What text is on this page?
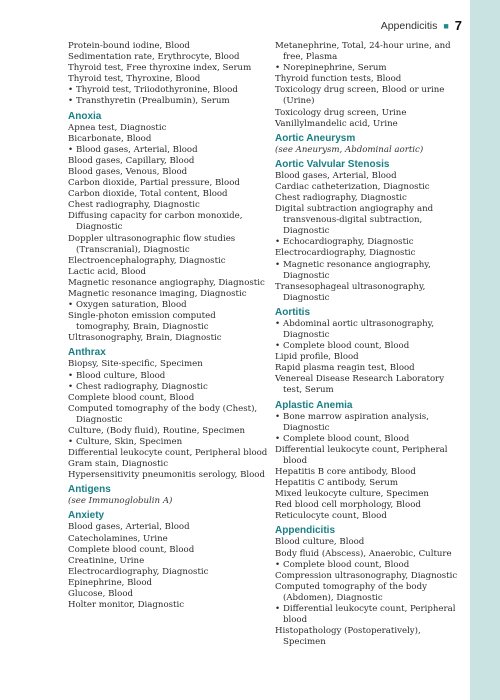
Appendicitis ■ 7
Protein-bound iodine, Blood
Sedimentation rate, Erythrocyte, Blood
Thyroid test, Free thyroxine index, Serum
Thyroid test, Thyroxine, Blood
•Thyroid test, Triiodothyronine, Blood
•Transthyretin (Prealbumin), Serum
Anoxia
Apnea test, Diagnostic
Bicarbonate, Blood
•Blood gases, Arterial, Blood
Blood gases, Capillary, Blood
Blood gases, Venous, Blood
Carbon dioxide, Partial pressure, Blood
Carbon dioxide, Total content, Blood
Chest radiography, Diagnostic
Diffusing capacity for carbon monoxide, Diagnostic
Doppler ultrasonographic flow studies (Transcranial), Diagnostic
Electroencephalography, Diagnostic
Lactic acid, Blood
Magnetic resonance angiography, Diagnostic
Magnetic resonance imaging, Diagnostic
•Oxygen saturation, Blood
Single-photon emission computed tomography, Brain, Diagnostic
Ultrasonography, Brain, Diagnostic
Anthrax
Biopsy, Site-specific, Specimen
•Blood culture, Blood
•Chest radiography, Diagnostic
Complete blood count, Blood
Computed tomography of the body (Chest), Diagnostic
Culture, (Body fluid), Routine, Specimen
•Culture, Skin, Specimen
Differential leukocyte count, Peripheral blood
Gram stain, Diagnostic
Hypersensitivity pneumonitis serology, Blood
Antigens
(see Immunoglobulin A)
Anxiety
Blood gases, Arterial, Blood
Catecholamines, Urine
Complete blood count, Blood
Creatinine, Urine
Electrocardiography, Diagnostic
Epinephrine, Blood
Glucose, Blood
Holter monitor, Diagnostic
Metanephrine, Total, 24-hour urine, and free, Plasma
•Norepinephrine, Serum
Thyroid function tests, Blood
Toxicology drug screen, Blood or urine (Urine)
Toxicology drug screen, Urine
Vanillylmandelic acid, Urine
Aortic Aneurysm
(see Aneurysm, Abdominal aortic)
Aortic Valvular Stenosis
Blood gases, Arterial, Blood
Cardiac catheterization, Diagnostic
Chest radiography, Diagnostic
Digital subtraction angiography and transvenous-digital subtraction, Diagnostic
•Echocardiography, Diagnostic
Electrocardiography, Diagnostic
•Magnetic resonance angiography, Diagnostic
Transesophageal ultrasonography, Diagnostic
Aortitis
•Abdominal aortic ultrasonography, Diagnostic
•Complete blood count, Blood
Lipid profile, Blood
Rapid plasma reagin test, Blood
Venereal Disease Research Laboratory test, Serum
Aplastic Anemia
•Bone marrow aspiration analysis, Diagnostic
•Complete blood count, Blood
Differential leukocyte count, Peripheral blood
Hepatitis B core antibody, Blood
Hepatitis C antibody, Serum
Mixed leukocyte culture, Specimen
Red blood cell morphology, Blood
Reticulocyte count, Blood
Appendicitis
Blood culture, Blood
Body fluid (Abscess), Anaerobic, Culture
•Complete blood count, Blood
Compression ultrasonography, Diagnostic
Computed tomography of the body (Abdomen), Diagnostic
•Differential leukocyte count, Peripheral blood
Histopathology (Postoperatively), Specimen
